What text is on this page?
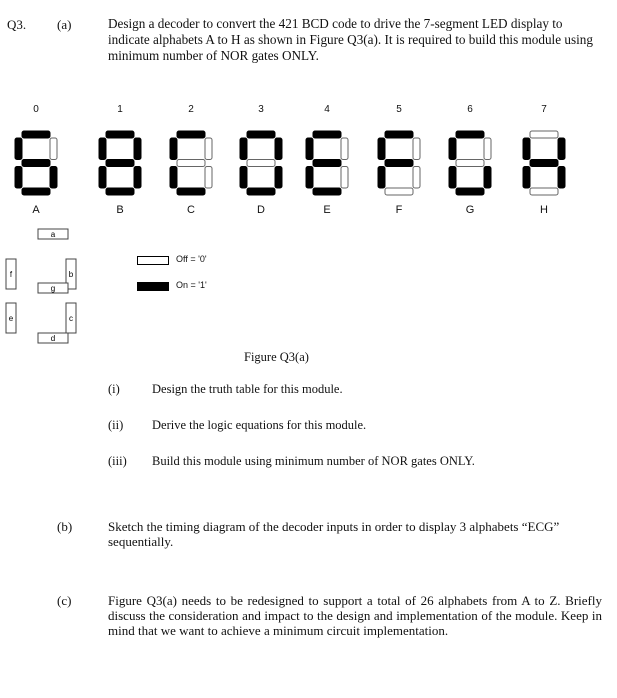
Q3. (a)	Design a decoder to convert the 421 BCD code to drive the 7-segment LED display to indicate alphabets A to H as shown in Figure Q3(a). It is required to build this module using minimum number of NOR gates ONLY.
0	1	2	3	4	5	6	7
A	B	C	D	E	F	G	H
a
f	b
g
e	c
d
Off = '0'
On = '1'
Figure Q3(a)
(i)	Design the truth table for this module.
(ii) Derive the logic equations for this module.
(iii) Build this module using minimum number of NOR gates ONLY.
(b)	Sketch the timing diagram of the decoder inputs in order to display 3 alphabets “ECG” sequentially.
(c)	Figure Q3(a) needs to be redesigned to support a total of 26 alphabets from A to Z. Briefly discuss the consideration and impact to the design and implementation of the module. Keep in mind that we want to achieve a minimum circuit implementation.
